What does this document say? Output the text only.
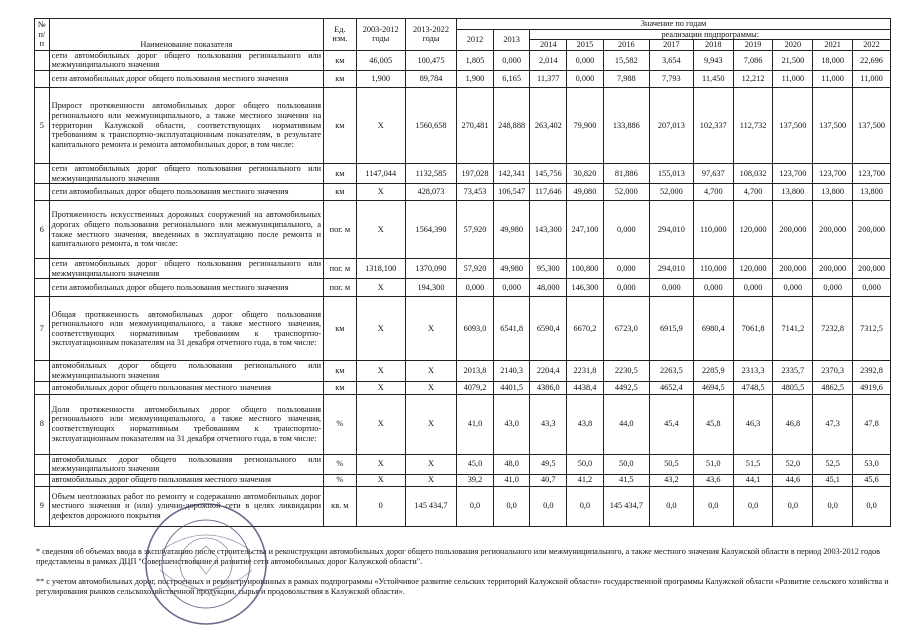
№ п/п	Наименование показателя	Ед. изм.	2003-2012 годы	2013-2022 годы	Значение по годам										
					2012	2013	реализации подпрограммы:								
							2014	2015	2016	2017	2018	2019	2020	2021	2022
	сети автомобильных дорог общего пользования регионального или межмуниципального значения	км	46,005	100,475	1,805	0,000	2,014	0,000	15,582	3,654	9,943	7,086	21,500	18,000	22,696
	сети автомобильных дорог общего пользования местного значения	км	1,900	89,784	1,900	6,165	11,377	0,000	7,988	7,793	11,450	12,212	11,000	11,000	11,000
5	Прирост протяженности автомобильных дорог общего пользования регионального или межмуниципального, а также местного значения на территории Калужской области, соответствующих нормативным требованиям к транспортно-эксплуатационным показателям, в результате капитального ремонта и ремонта автомобильных дорог, в том числе:	км	X	1560,658	270,481	248,888	263,402	79,900	133,886	207,013	102,337	112,732	137,500	137,500	137,500
	сети автомобильных дорог общего пользования регионального или межмуниципального значения	км	1147,044	1132,585	197,028	142,341	145,756	30,820	81,886	155,013	97,637	108,032	123,700	123,700	123,700
	сети автомобильных дорог общего пользования местного значения	км	X	428,073	73,453	106,547	117,646	49,080	52,000	52,000	4,700	4,700	13,800	13,800	13,800
6	Протяженность искусственных дорожных сооружений на автомобильных дорогах общего пользования регионального или межмуниципального, а также местного значения, введенных в эксплуатацию после ремонта и капитального ремонта, в том числе:	пог. м	X	1564,390	57,920	49,980	143,300	247,100	0,000	294,010	110,000	120,000	200,000	200,000	200,000
	сети автомобильных дорог общего пользования регионального или межмуниципального значения	пог. м	1318,100	1370,090	57,920	49,980	95,300	100,800	0,000	294,010	110,000	120,000	200,000	200,000	200,000
	сети автомобильных дорог общего пользования местного значения	пог. м	X	194,300	0,000	0,000	48,000	146,300	0,000	0,000	0,000	0,000	0,000	0,000	0,000
7	Общая протяженность автомобильных дорог общего пользования регионального или межмуниципального, а также местного значения, соответствующих нормативным требованиям к транспортно-эксплуатационным показателям на 31 декабря отчетного года, в том числе:	км	X	X	6093,0	6541,8	6590,4	6670,2	6723,0	6915,9	6980,4	7061,8	7141,2	7232,8	7312,5
	автомобильных дорог общего пользования регионального или межмуниципального значения	км	X	X	2013,8	2140,3	2204,4	2231,8	2230,5	2263,5	2285,9	2313,3	2335,7	2370,3	2392,8
	автомобильных дорог общего пользования местного значения	км	X	X	4079,2	4401,5	4386,0	4438,4	4492,5	4652,4	4694,5	4748,5	4805,5	4862,5	4919,6
8	Доля протяженности автомобильных дорог общего пользования регионального или межмуниципального, а также местного значения, соответствующих нормативным требованиям к транспортно-эксплуатационным показателям на 31 декабря отчетного года, в том числе:	%	X	X	41,0	43,0	43,3	43,8	44,0	45,4	45,8	46,3	46,8	47,3	47,8
	автомобильных дорог общего пользования регионального или межмуниципального значения	%	X	X	45,0	48,0	49,5	50,0	50,0	50,5	51,0	51,5	52,0	52,5	53,0
	автомобильных дорог общего пользования местного значения	%	X	X	39,2	41,0	40,7	41,2	41,5	43,2	43,6	44,1	44,6	45,1	45,6
9	Объем неотложных работ по ремонту и содержанию автомобильных дорог местного значения и (или) улично-дорожной сети в целях ликвидации дефектов дорожного покрытия	кв. м	0	145 434,7	0,0	0,0	0,0	0,0	145 434,7	0,0	0,0	0,0	0,0	0,0	0,0
* сведения об объемах ввода в эксплуатацию после строительства и реконструкции автомобильных дорог общего пользования регионального или межмуниципального, а также местного значения Калужской области в период 2003-2012 годов представлены в рамках ДЦП "Совершенствование и развитие сети автомобильных дорог Калужской области".
** с учетом автомобильных дорог, построенных и реконструированных в рамках подпрограммы «Устойчивое развитие сельских территорий Калужской области» государственной программы Калужской области «Развитие сельского хозяйства и регулирования рынков сельскохозяйственной продукции, сырья и продовольствия в Калужской области».
